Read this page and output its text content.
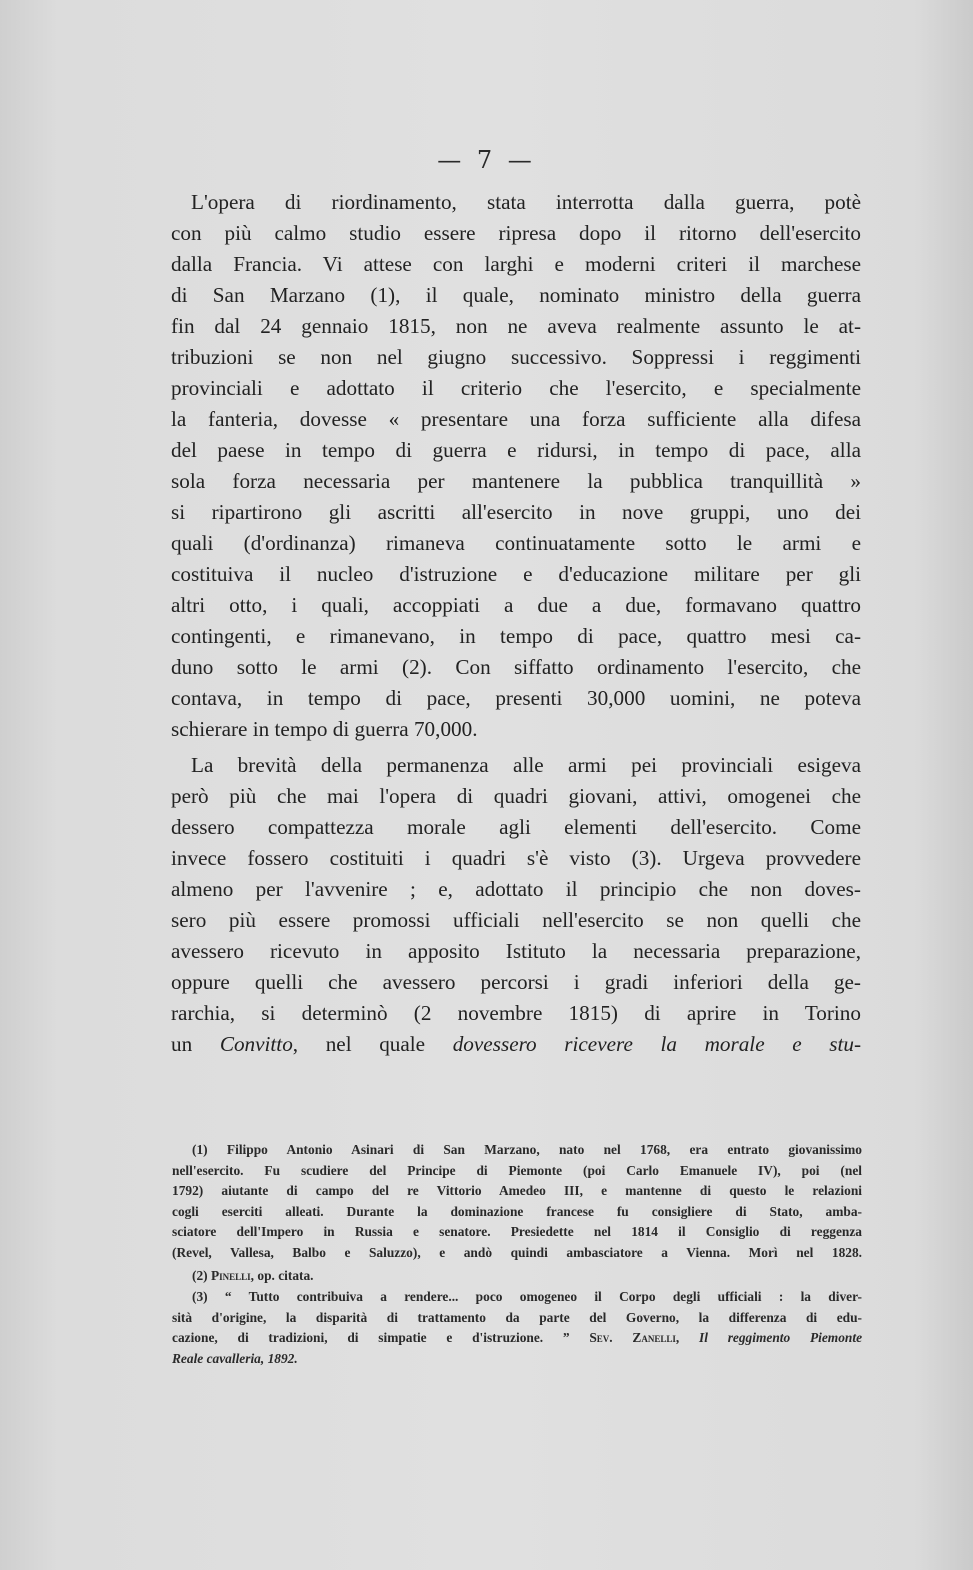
— 7 —
L'opera di riordinamento, stata interrotta dalla guerra, potè
con più calmo studio essere ripresa dopo il ritorno dell'esercito
dalla Francia. Vi attese con larghi e moderni criteri il marchese
di San Marzano (1), il quale, nominato ministro della guerra
fin dal 24 gennaio 1815, non ne aveva realmente assunto le at-
tribuzioni se non nel giugno successivo. Soppressi i reggimenti
provinciali e adottato il criterio che l'esercito, e specialmente
la fanteria, dovesse « presentare una forza sufficiente alla difesa
del paese in tempo di guerra e ridursi, in tempo di pace, alla
sola forza necessaria per mantenere la pubblica tranquillità »
si ripartirono gli ascritti all'esercito in nove gruppi, uno dei
quali (d'ordinanza) rimaneva continuatamente sotto le armi e
costituiva il nucleo d'istruzione e d'educazione militare per gli
altri otto, i quali, accoppiati a due a due, formavano quattro
contingenti, e rimanevano, in tempo di pace, quattro mesi ca-
duno sotto le armi (2). Con siffatto ordinamento l'esercito, che
contava, in tempo di pace, presenti 30,000 uomini, ne poteva
schierare in tempo di guerra 70,000.
La brevità della permanenza alle armi pei provinciali esigeva
però più che mai l'opera di quadri giovani, attivi, omogenei che
dessero compattezza morale agli elementi dell'esercito. Come
invece fossero costituiti i quadri s'è visto (3). Urgeva provvedere
almeno per l'avvenire ; e, adottato il principio che non doves-
sero più essere promossi ufficiali nell'esercito se non quelli che
avessero ricevuto in apposito Istituto la necessaria preparazione,
oppure quelli che avessero percorsi i gradi inferiori della ge-
rarchia, si determinò (2 novembre 1815) di aprire in Torino
un Convitto, nel quale dovessero ricevere la morale e stu-
(1) Filippo Antonio Asinari di San Marzano, nato nel 1768, era entrato giovanissimo
nell'esercito. Fu scudiere del Principe di Piemonte (poi Carlo Emanuele IV), poi (nel
1792) aiutante di campo del re Vittorio Amedeo III, e mantenne di questo le relazioni
cogli eserciti alleati. Durante la dominazione francese fu consigliere di Stato, amba-
sciatore dell'Impero in Russia e senatore. Presiedette nel 1814 il Consiglio di reggenza
(Revel, Vallesa, Balbo e Saluzzo), e andò quindi ambasciatore a Vienna. Morì nel 1828.
(2) Pinelli, op. citata.
(3) “ Tutto contribuiva a rendere... poco omogeneo il Corpo degli ufficiali : la diver-
sità d'origine, la disparità di trattamento da parte del Governo, la differenza di edu-
cazione, di tradizioni, di simpatie e d'istruzione. ” Sev. Zanelli, Il reggimento Piemonte
Reale cavalleria, 1892.
